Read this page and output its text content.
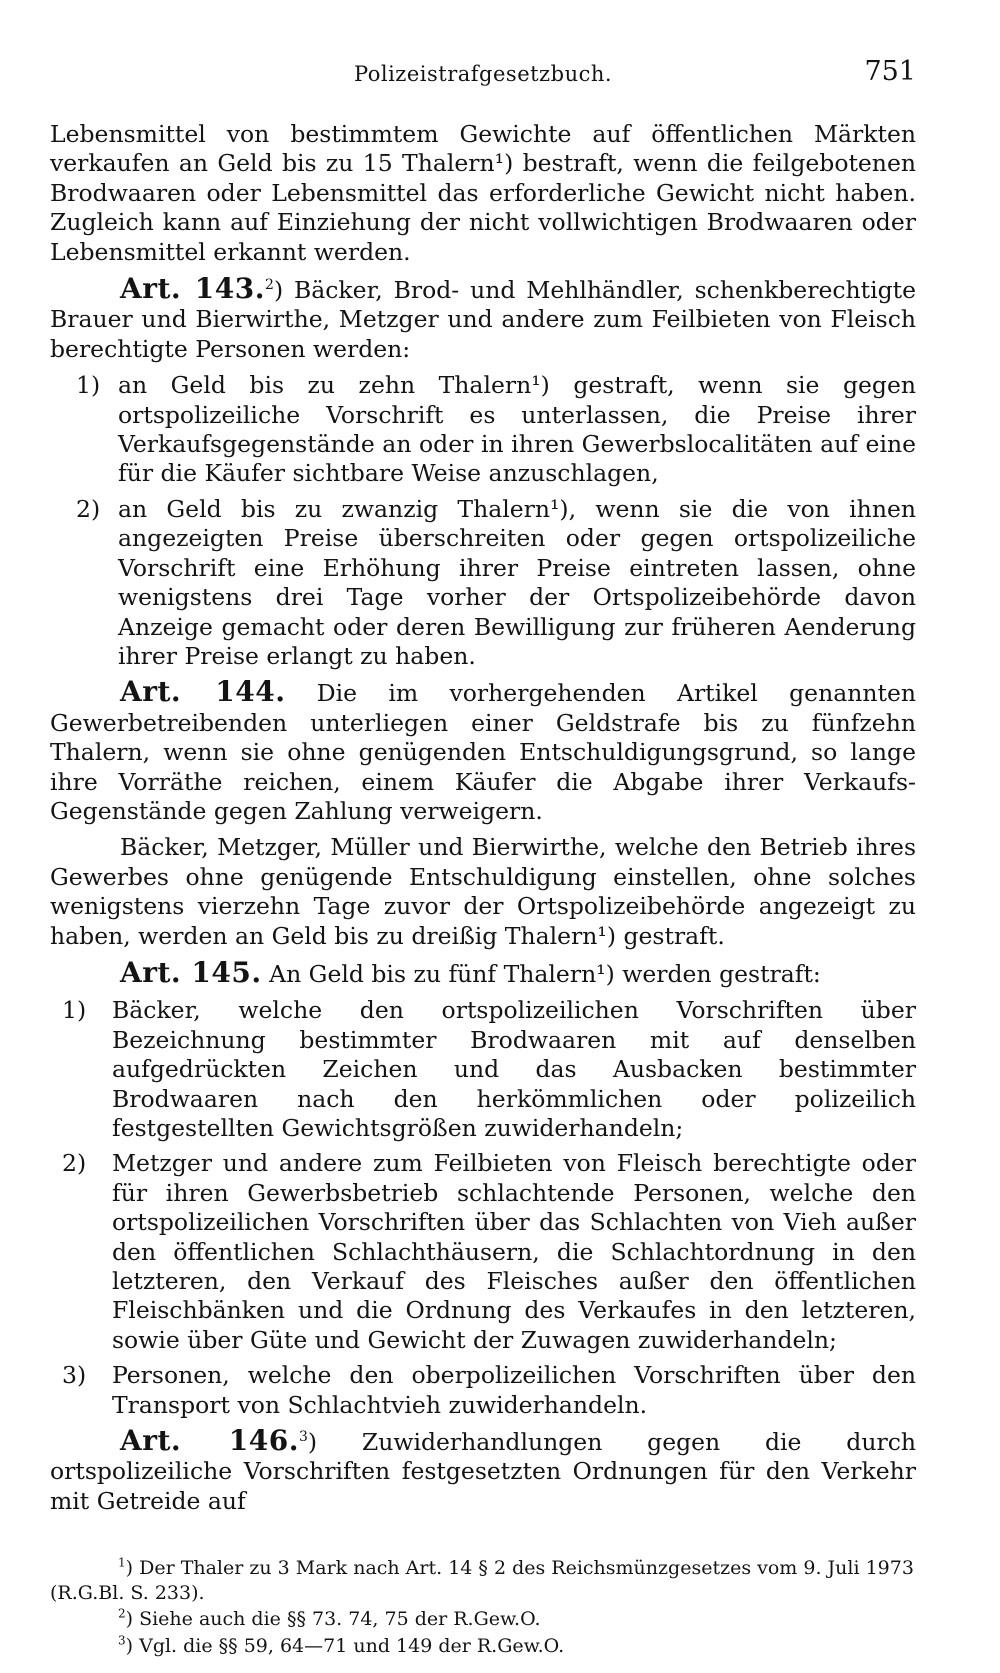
Polizeistrafgesetzbuch.	751

Lebensmittel von bestimmtem Gewichte auf öffentlichen Märkten verkaufen an Geld bis zu 15 Thalern¹) bestraft, wenn die feilgebotenen Brodwaaren oder Lebensmittel das erforderliche Gewicht nicht haben. Zugleich kann auf Einziehung der nicht vollwichtigen Brodwaaren oder Lebensmittel erkannt werden.

Art. 143.$^2$) Bäcker, Brod- und Mehlhändler, schenkberechtigte Brauer und Bierwirthe, Metzger und andere zum Feilbieten von Fleisch berechtigte Personen werden:

1) an Geld bis zu zehn Thalern¹) gestraft, wenn sie gegen ortspolizeiliche Vorschrift es unterlassen, die Preise ihrer Verkaufsgegenstände an oder in ihren Gewerbslocalitäten auf eine für die Käufer sichtbare Weise anzuschlagen,
2) an Geld bis zu zwanzig Thalern¹), wenn sie die von ihnen angezeigten Preise überschreiten oder gegen ortspolizeiliche Vorschrift eine Erhöhung ihrer Preise eintreten lassen, ohne wenigstens drei Tage vorher der Ortspolizeibehörde davon Anzeige gemacht oder deren Bewilligung zur früheren Aenderung ihrer Preise erlangt zu haben.

Art. 144. Die im vorhergehenden Artikel genannten Gewerbetreibenden unterliegen einer Geldstrafe bis zu fünfzehn Thalern, wenn sie ohne genügenden Entschuldigungsgrund, so lange ihre Vorräthe reichen, einem Käufer die Abgabe ihrer Verkaufs-Gegenstände gegen Zahlung verweigern.

Bäcker, Metzger, Müller und Bierwirthe, welche den Betrieb ihres Gewerbes ohne genügende Entschuldigung einstellen, ohne solches wenigstens vierzehn Tage zuvor der Ortspolizeibehörde angezeigt zu haben, werden an Geld bis zu dreißig Thalern¹) gestraft.

Art. 145. An Geld bis zu fünf Thalern¹) werden gestraft:

1) Bäcker, welche den ortspolizeilichen Vorschriften über Bezeichnung bestimmter Brodwaaren mit auf denselben aufgedrückten Zeichen und das Ausbacken bestimmter Brodwaaren nach den herkömmlichen oder polizeilich festgestellten Gewichtsgrößen zuwiderhandeln;
2) Metzger und andere zum Feilbieten von Fleisch berechtigte oder für ihren Gewerbsbetrieb schlachtende Personen, welche den ortspolizeilichen Vorschriften über das Schlachten von Vieh außer den öffentlichen Schlachthäusern, die Schlachtordnung in den letzteren, den Verkauf des Fleisches außer den öffentlichen Fleischbänken und die Ordnung des Verkaufes in den letzteren, sowie über Güte und Gewicht der Zuwagen zuwiderhandeln;
3) Personen, welche den oberpolizeilichen Vorschriften über den Transport von Schlachtvieh zuwiderhandeln.

Art. 146.$^3$) Zuwiderhandlungen gegen die durch ortspolizeiliche Vorschriften festgesetzten Ordnungen für den Verkehr mit Getreide auf

$^1$) Der Thaler zu 3 Mark nach Art. 14 § 2 des Reichsmünzgesetzes vom 9. Juli 1973 (R.G.Bl. S. 233).

$^2$) Siehe auch die §§ 73. 74, 75 der R.Gew.O.

$^3$) Vgl. die §§ 59, 64—71 und 149 der R.Gew.O.
